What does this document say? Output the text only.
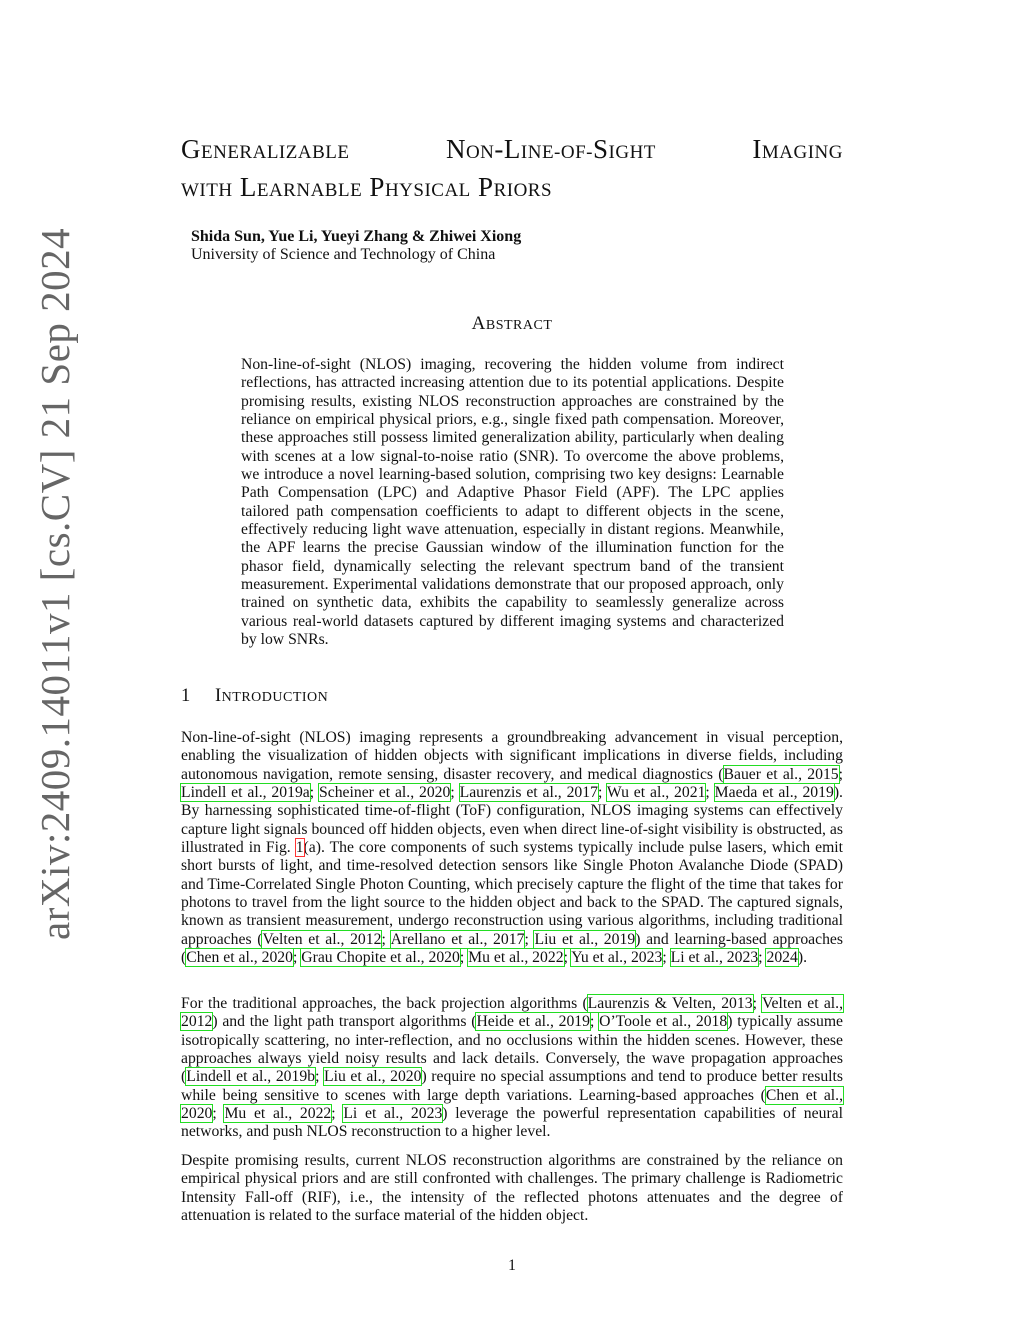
arXiv:2409.14011v1 [cs.CV] 21 Sep 2024
GENERALIZABLE	NON-LINE-OF-SIGHT	IMAGING
WITH LEARNABLE PHYSICAL PRIORS
Shida Sun, Yue Li, Yueyi Zhang & Zhiwei Xiong
University of Science and Technology of China
ABSTRACT
Non-line-of-sight (NLOS) imaging, recovering the hidden volume from indirect reflections, has attracted increasing attention due to its potential applications. Despite promising results, existing NLOS reconstruction approaches are constrained by the reliance on empirical physical priors, e.g., single fixed path compensation. Moreover, these approaches still possess limited generalization ability, particularly when dealing with scenes at a low signal-to-noise ratio (SNR). To overcome the above problems, we introduce a novel learning-based solution, comprising two key designs: Learnable Path Compensation (LPC) and Adaptive Phasor Field (APF). The LPC applies tailored path compensation coefficients to adapt to different objects in the scene, effectively reducing light wave attenuation, especially in distant regions. Meanwhile, the APF learns the precise Gaussian window of the illumination function for the phasor field, dynamically selecting the relevant spectrum band of the transient measurement. Experimental validations demonstrate that our proposed approach, only trained on synthetic data, exhibits the capability to seamlessly generalize across various real-world datasets captured by different imaging systems and characterized by low SNRs.
1 INTRODUCTION
Non-line-of-sight (NLOS) imaging represents a groundbreaking advancement in visual perception, enabling the visualization of hidden objects with significant implications in diverse fields, including autonomous navigation, remote sensing, disaster recovery, and medical diagnostics (Bauer et al., 2015; Lindell et al., 2019a; Scheiner et al., 2020; Laurenzis et al., 2017; Wu et al., 2021; Maeda et al., 2019). By harnessing sophisticated time-of-flight (ToF) configuration, NLOS imaging systems can effectively capture light signals bounced off hidden objects, even when direct line-of-sight visibility is obstructed, as illustrated in Fig. 1(a). The core components of such systems typically include pulse lasers, which emit short bursts of light, and time-resolved detection sensors like Single Photon Avalanche Diode (SPAD) and Time-Correlated Single Photon Counting, which precisely capture the flight of the time that takes for photons to travel from the light source to the hidden object and back to the SPAD. The captured signals, known as transient measurement, undergo reconstruction using various algorithms, including traditional approaches (Velten et al., 2012; Arellano et al., 2017; Liu et al., 2019) and learning-based approaches (Chen et al., 2020; Grau Chopite et al., 2020; Mu et al., 2022; Yu et al., 2023; Li et al., 2023; 2024).
For the traditional approaches, the back projection algorithms (Laurenzis & Velten, 2013; Velten et al., 2012) and the light path transport algorithms (Heide et al., 2019; O’Toole et al., 2018) typically assume isotropically scattering, no inter-reflection, and no occlusions within the hidden scenes. However, these approaches always yield noisy results and lack details. Conversely, the wave propagation approaches (Lindell et al., 2019b; Liu et al., 2020) require no special assumptions and tend to produce better results while being sensitive to scenes with large depth variations. Learning-based approaches (Chen et al., 2020; Mu et al., 2022; Li et al., 2023) leverage the powerful representation capabilities of neural networks, and push NLOS reconstruction to a higher level.
Despite promising results, current NLOS reconstruction algorithms are constrained by the reliance on empirical physical priors and are still confronted with challenges. The primary challenge is Radiometric Intensity Fall-off (RIF), i.e., the intensity of the reflected photons attenuates and the degree of attenuation is related to the surface material of the hidden object.
1
